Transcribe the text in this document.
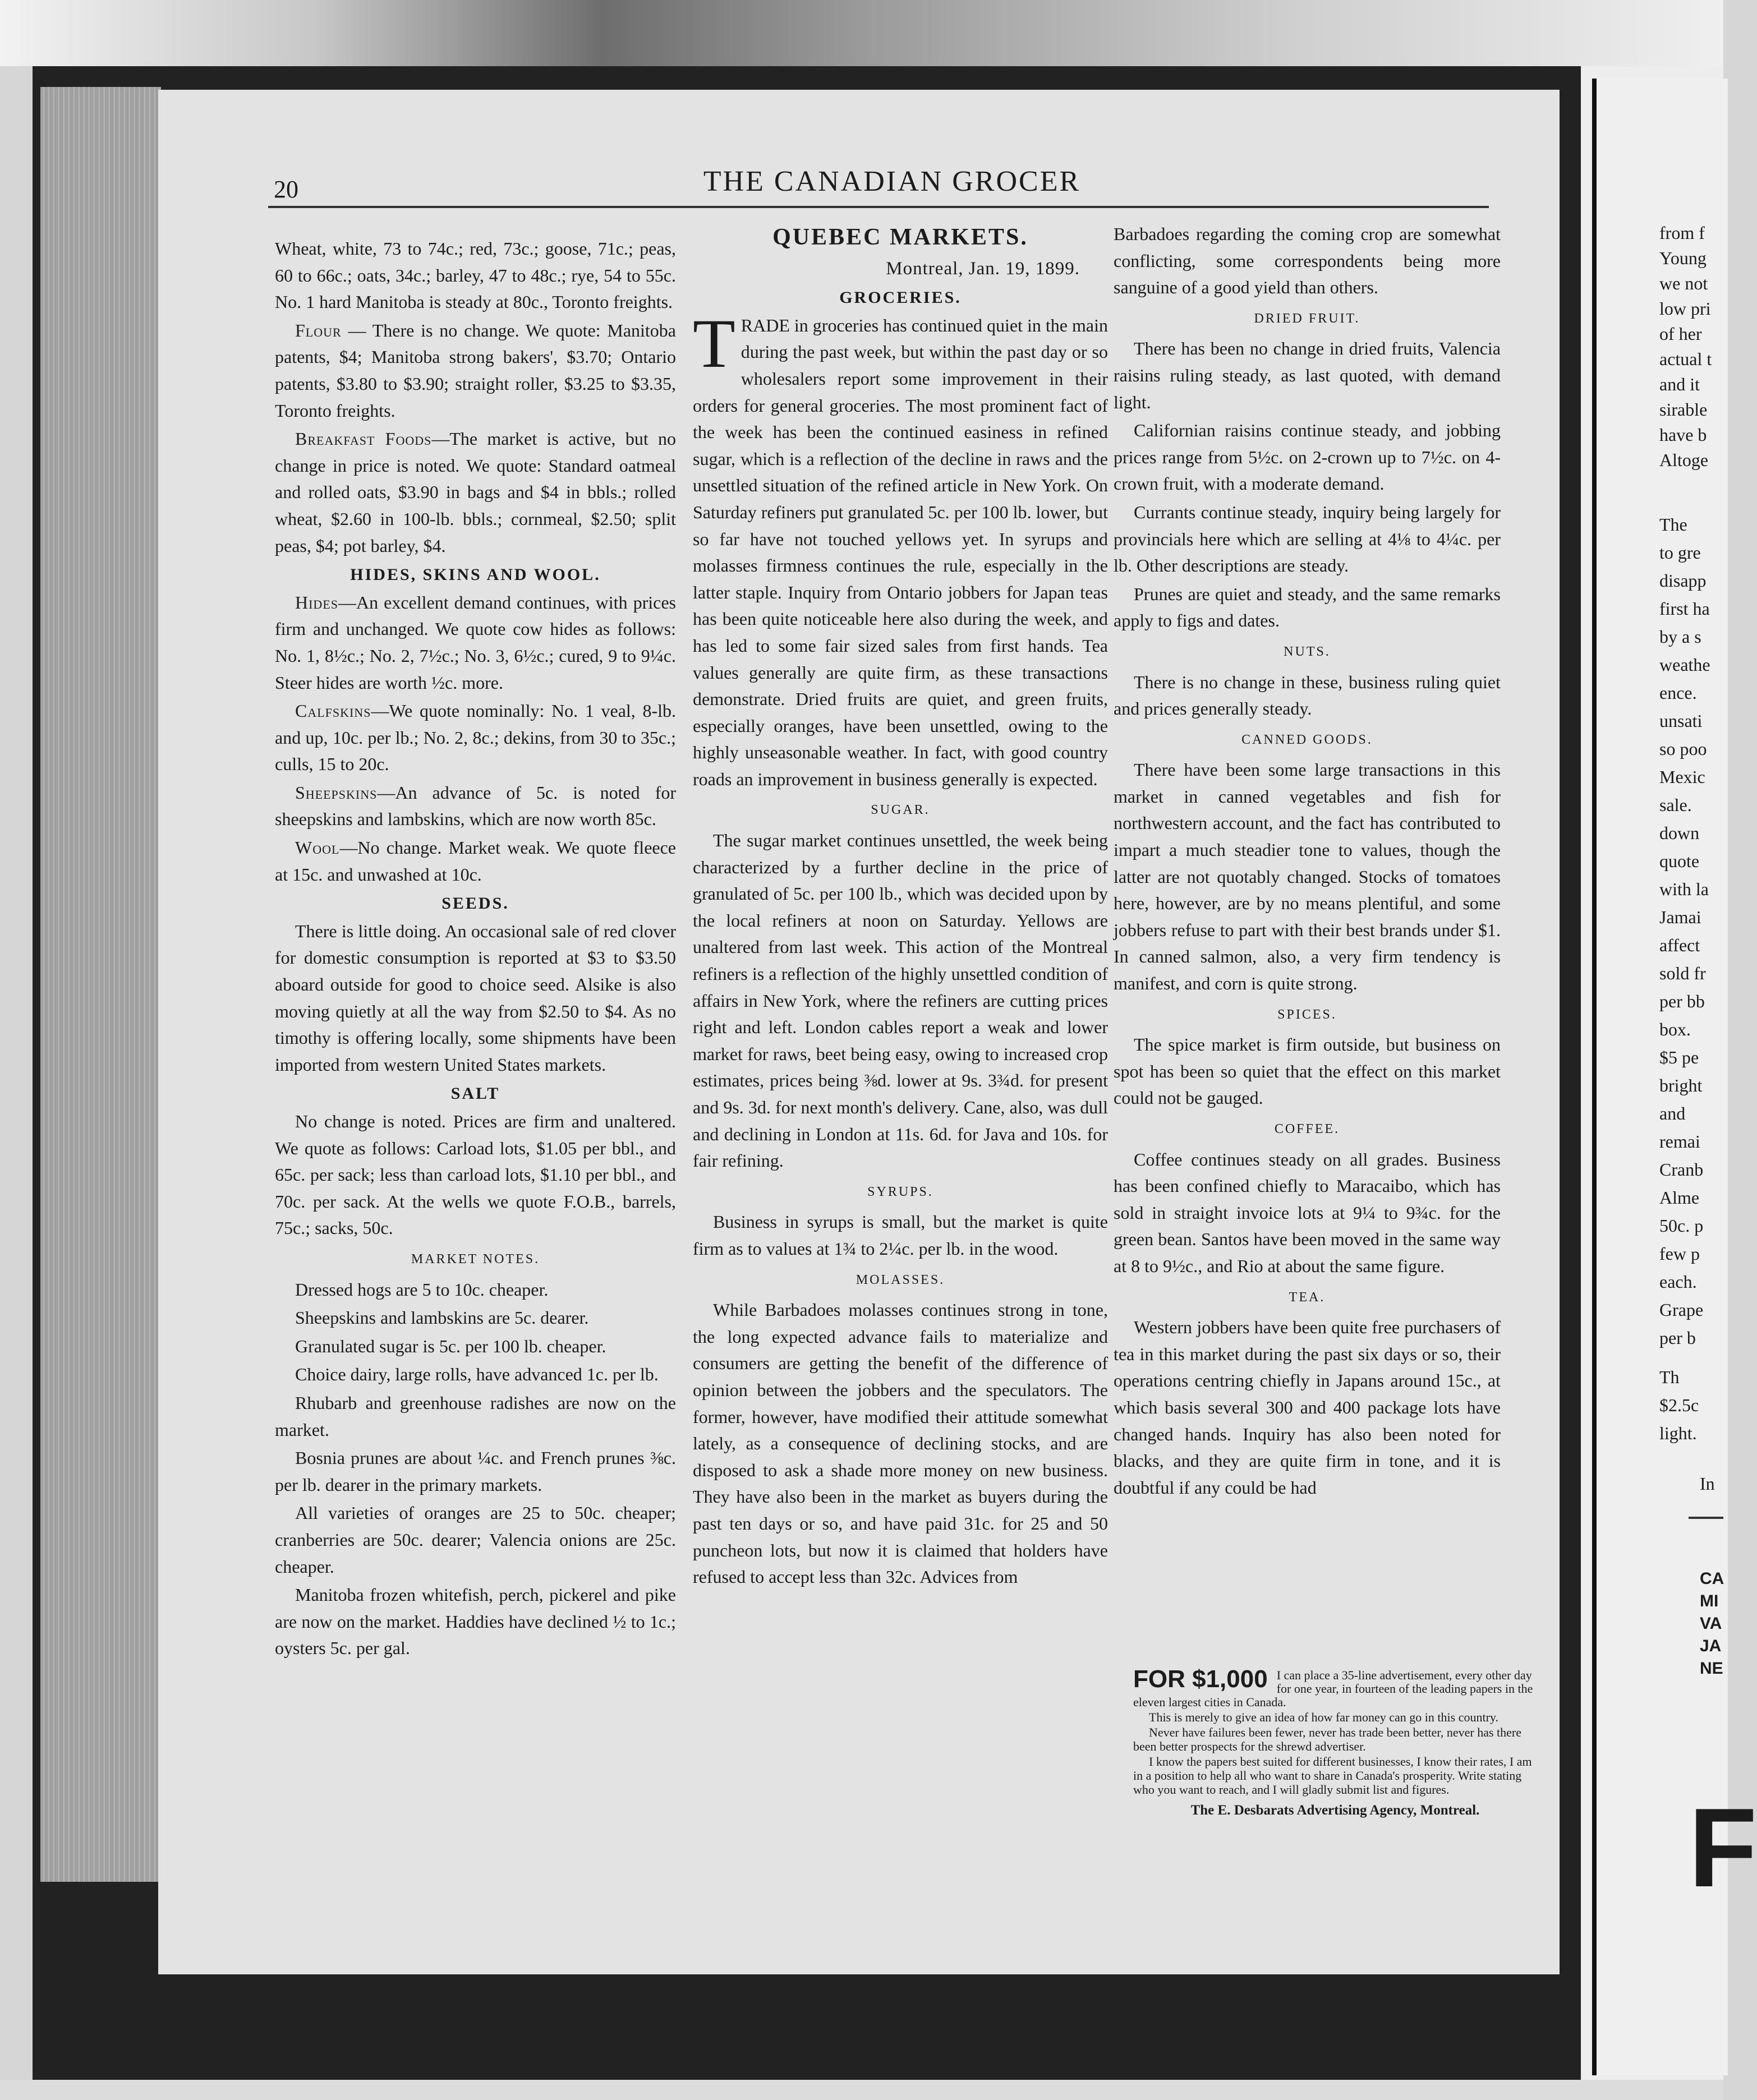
20	THE CANADIAN GROCER

Wheat, white, 73 to 74c.; red, 73c.; goose, 71c.; peas, 60 to 66c.; oats, 34c.; barley, 47 to 48c.; rye, 54 to 55c. No. 1 hard Manitoba is steady at 80c., Toronto freights.

Flour — There is no change. We quote: Manitoba patents, $4; Manitoba strong bakers', $3.70; Ontario patents, $3.80 to $3.90; straight roller, $3.25 to $3.35, Toronto freights.

Breakfast Foods—The market is active, but no change in price is noted. We quote: Standard oatmeal and rolled oats, $3.90 in bags and $4 in bbls.; rolled wheat, $2.60 in 100-lb. bbls.; cornmeal, $2.50; split peas, $4; pot barley, $4.

HIDES, SKINS AND WOOL.

Hides—An excellent demand continues, with prices firm and unchanged. We quote cow hides as follows: No. 1, 8½c.; No. 2, 7½c.; No. 3, 6½c.; cured, 9 to 9¼c. Steer hides are worth ½c. more.

Calfskins—We quote nominally: No. 1 veal, 8-lb. and up, 10c. per lb.; No. 2, 8c.; dekins, from 30 to 35c.; culls, 15 to 20c.

Sheepskins—An advance of 5c. is noted for sheepskins and lambskins, which are now worth 85c.

Wool—No change. Market weak. We quote fleece at 15c. and unwashed at 10c.

SEEDS.

There is little doing. An occasional sale of red clover for domestic consumption is reported at $3 to $3.50 aboard outside for good to choice seed. Alsike is also moving quietly at all the way from $2.50 to $4. As no timothy is offering locally, some shipments have been imported from western United States markets.

SALT

No change is noted. Prices are firm and unaltered. We quote as follows: Carload lots, $1.05 per bbl., and 65c. per sack; less than carload lots, $1.10 per bbl., and 70c. per sack. At the wells we quote F.O.B., barrels, 75c.; sacks, 50c.

MARKET NOTES.

Dressed hogs are 5 to 10c. cheaper.

Sheepskins and lambskins are 5c. dearer.

Granulated sugar is 5c. per 100 lb. cheaper.

Choice dairy, large rolls, have advanced 1c. per lb.

Rhubarb and greenhouse radishes are now on the market.

Bosnia prunes are about ¼c. and French prunes ⅜c. per lb. dearer in the primary markets.

All varieties of oranges are 25 to 50c. cheaper; cranberries are 50c. dearer; Valencia onions are 25c. cheaper.

Manitoba frozen whitefish, perch, pickerel and pike are now on the market. Haddies have declined ½ to 1c.; oysters 5c. per gal.

QUEBEC MARKETS.
Montreal, Jan. 19, 1899.
GROCERIES.

TRADE in groceries has continued quiet in the main during the past week, but within the past day or so wholesalers report some improvement in their orders for general groceries. The most prominent fact of the week has been the continued easiness in refined sugar, which is a reflection of the decline in raws and the unsettled situation of the refined article in New York. On Saturday refiners put granulated 5c. per 100 lb. lower, but so far have not touched yellows yet. In syrups and molasses firmness continues the rule, especially in the latter staple. Inquiry from Ontario jobbers for Japan teas has been quite noticeable here also during the week, and has led to some fair sized sales from first hands. Tea values generally are quite firm, as these transactions demonstrate. Dried fruits are quiet, and green fruits, especially oranges, have been unsettled, owing to the highly unseasonable weather. In fact, with good country roads an improvement in business generally is expected.

SUGAR.

The sugar market continues unsettled, the week being characterized by a further decline in the price of granulated of 5c. per 100 lb., which was decided upon by the local refiners at noon on Saturday. Yellows are unaltered from last week. This action of the Montreal refiners is a reflection of the highly unsettled condition of affairs in New York, where the refiners are cutting prices right and left. London cables report a weak and lower market for raws, beet being easy, owing to increased crop estimates, prices being ⅜d. lower at 9s. 3¾d. for present and 9s. 3d. for next month's delivery. Cane, also, was dull and declining in London at 11s. 6d. for Java and 10s. for fair refining.

SYRUPS.

Business in syrups is small, but the market is quite firm as to values at 1¾ to 2¼c. per lb. in the wood.

MOLASSES.

While Barbadoes molasses continues strong in tone, the long expected advance fails to materialize and consumers are getting the benefit of the difference of opinion between the jobbers and the speculators. The former, however, have modified their attitude somewhat lately, as a consequence of declining stocks, and are disposed to ask a shade more money on new business. They have also been in the market as buyers during the past ten days or so, and have paid 31c. for 25 and 50 puncheon lots, but now it is claimed that holders have refused to accept less than 32c. Advices from

Barbadoes regarding the coming crop are somewhat conflicting, some correspondents being more sanguine of a good yield than others.

DRIED FRUIT.

There has been no change in dried fruits, Valencia raisins ruling steady, as last quoted, with demand light.

Californian raisins continue steady, and jobbing prices range from 5½c. on 2-crown up to 7½c. on 4-crown fruit, with a moderate demand.

Currants continue steady, inquiry being largely for provincials here which are selling at 4⅛ to 4¼c. per lb. Other descriptions are steady.

Prunes are quiet and steady, and the same remarks apply to figs and dates.

NUTS.

There is no change in these, business ruling quiet and prices generally steady.

CANNED GOODS.

There have been some large transactions in this market in canned vegetables and fish for northwestern account, and the fact has contributed to impart a much steadier tone to values, though the latter are not quotably changed. Stocks of tomatoes here, however, are by no means plentiful, and some jobbers refuse to part with their best brands under $1. In canned salmon, also, a very firm tendency is manifest, and corn is quite strong.

SPICES.

The spice market is firm outside, but business on spot has been so quiet that the effect on this market could not be gauged.

COFFEE.

Coffee continues steady on all grades. Business has been confined chiefly to Maracaibo, which has sold in straight invoice lots at 9¼ to 9¾c. for the green bean. Santos have been moved in the same way at 8 to 9½c., and Rio at about the same figure.

TEA.

Western jobbers have been quite free purchasers of tea in this market during the past six days or so, their operations centring chiefly in Japans around 15c., at which basis several 300 and 400 package lots have changed hands. Inquiry has also been noted for blacks, and they are quite firm in tone, and it is doubtful if any could be had

FOR $1,000 I can place a 35-line advertisement, every other day for one year, in fourteen of the leading papers in the eleven largest cities in Canada.

This is merely to give an idea of how far money can go in this country.

Never have failures been fewer, never has trade been better, never has there been better prospects for the shrewd advertiser.

I know the papers best suited for different businesses, I know their rates, I am in a position to help all who want to share in Canada's prosperity. Write stating who you want to reach, and I will gladly submit list and figures.

The E. Desbarats Advertising Agency, Montreal.
from f
Young
we not
low pri
of her
actual t
and it
sirable
have b
Altoge
The
to gre
disapp
first ha
by a s
weathe
ence.
unsati
so poo
Mexic
sale.
down
quote
with la
Jamai
affect
sold fr
per bb
box.
$5 pe
bright
and
remai
Cranb
Alme
50c. p
few p
each.
Grape
per b
Th
$2.5c
light.
In
CA
MI
VA
JA
NE
F
